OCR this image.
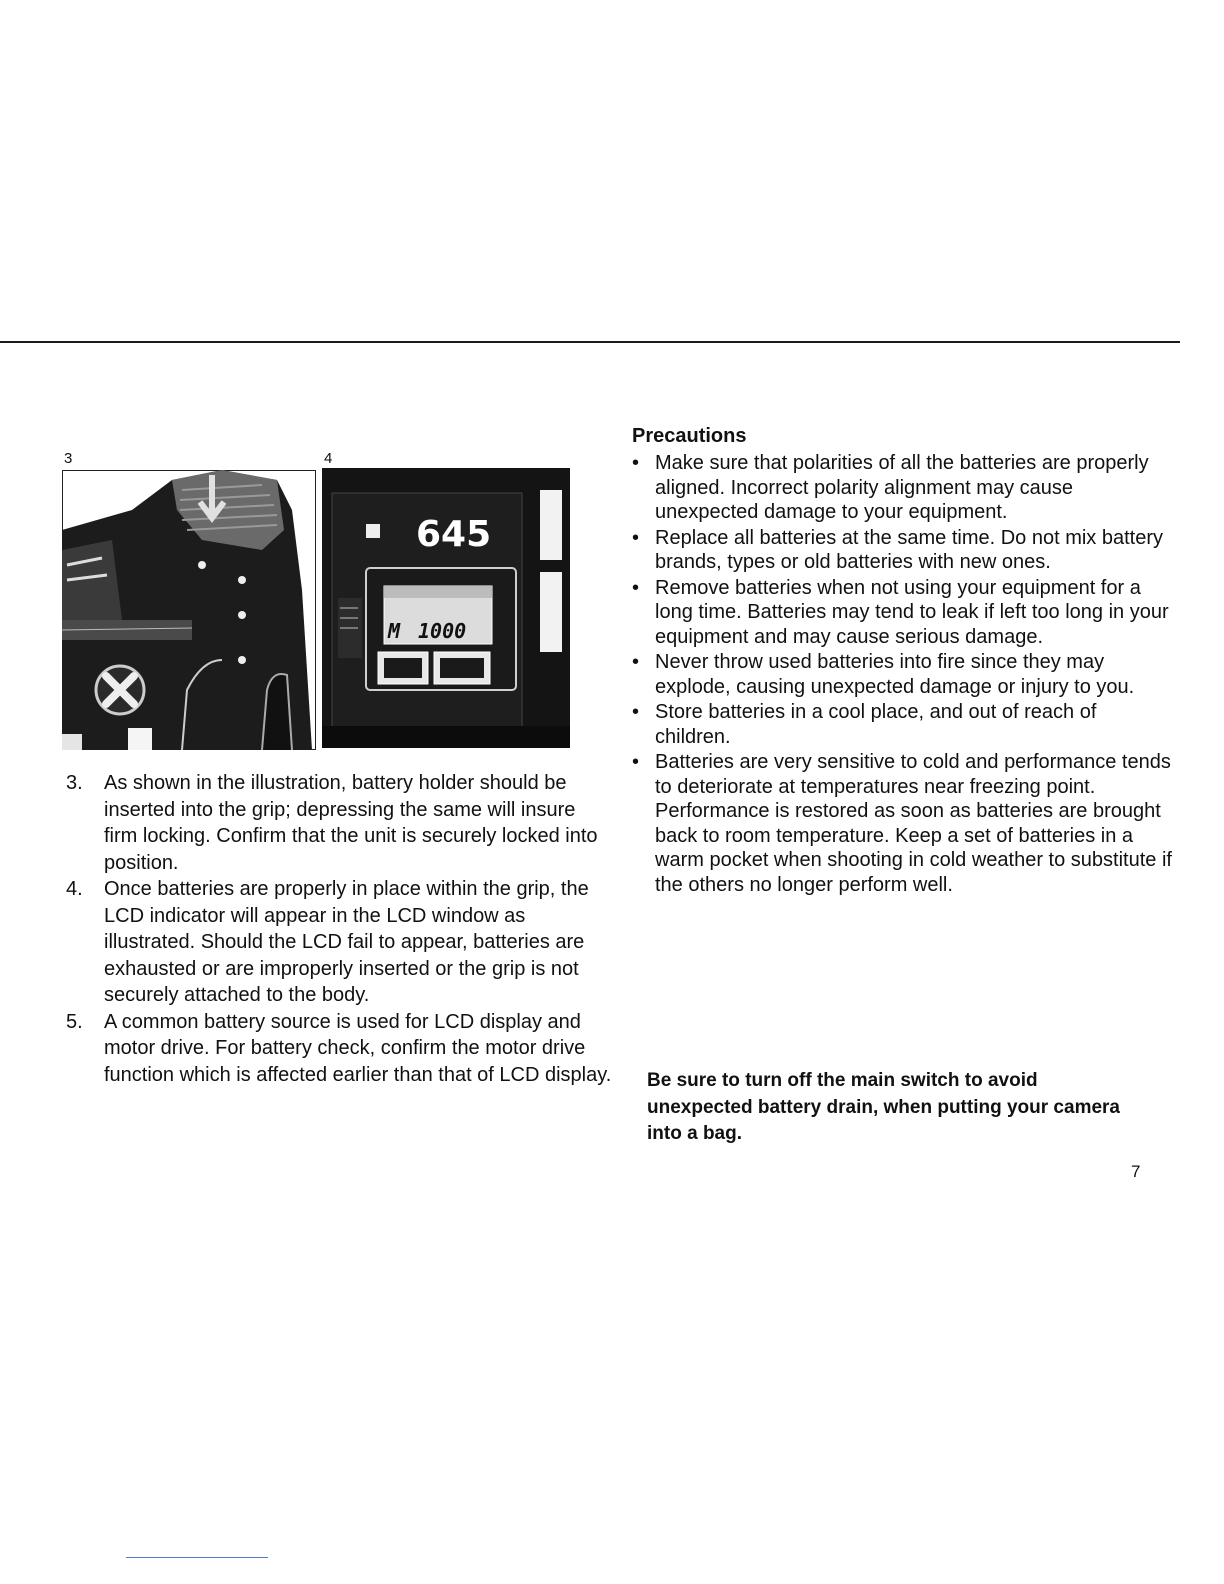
3	4
645
M 1000
3. As shown in the illustration, battery holder should be inserted into the grip; depressing the same will insure firm locking. Confirm that the unit is securely locked into position.
4. Once batteries are properly in place within the grip, the LCD indicator will appear in the LCD window as illustrated. Should the LCD fail to appear, batteries are exhausted or are improperly inserted or the grip is not securely attached to the body.
5. A common battery source is used for LCD display and motor drive. For battery check, confirm the motor drive function which is affected earlier than that of LCD display.
Precautions
• Make sure that polarities of all the batteries are properly aligned. Incorrect polarity alignment may cause unexpected damage to your equipment.
• Replace all batteries at the same time. Do not mix battery brands, types or old batteries with new ones.
• Remove batteries when not using your equipment for a long time. Batteries may tend to leak if left too long in your equipment and may cause serious damage.
• Never throw used batteries into fire since they may explode, causing unexpected damage or injury to you.
• Store batteries in a cool place, and out of reach of children.
• Batteries are very sensitive to cold and performance tends to deteriorate at temperatures near freezing point. Performance is restored as soon as batteries are brought back to room temperature. Keep a set of batteries in a warm pocket when shooting in cold weather to substitute if the others no longer perform well.
Be sure to turn off the main switch to avoid unexpected battery drain, when putting your camera into a bag.
7
